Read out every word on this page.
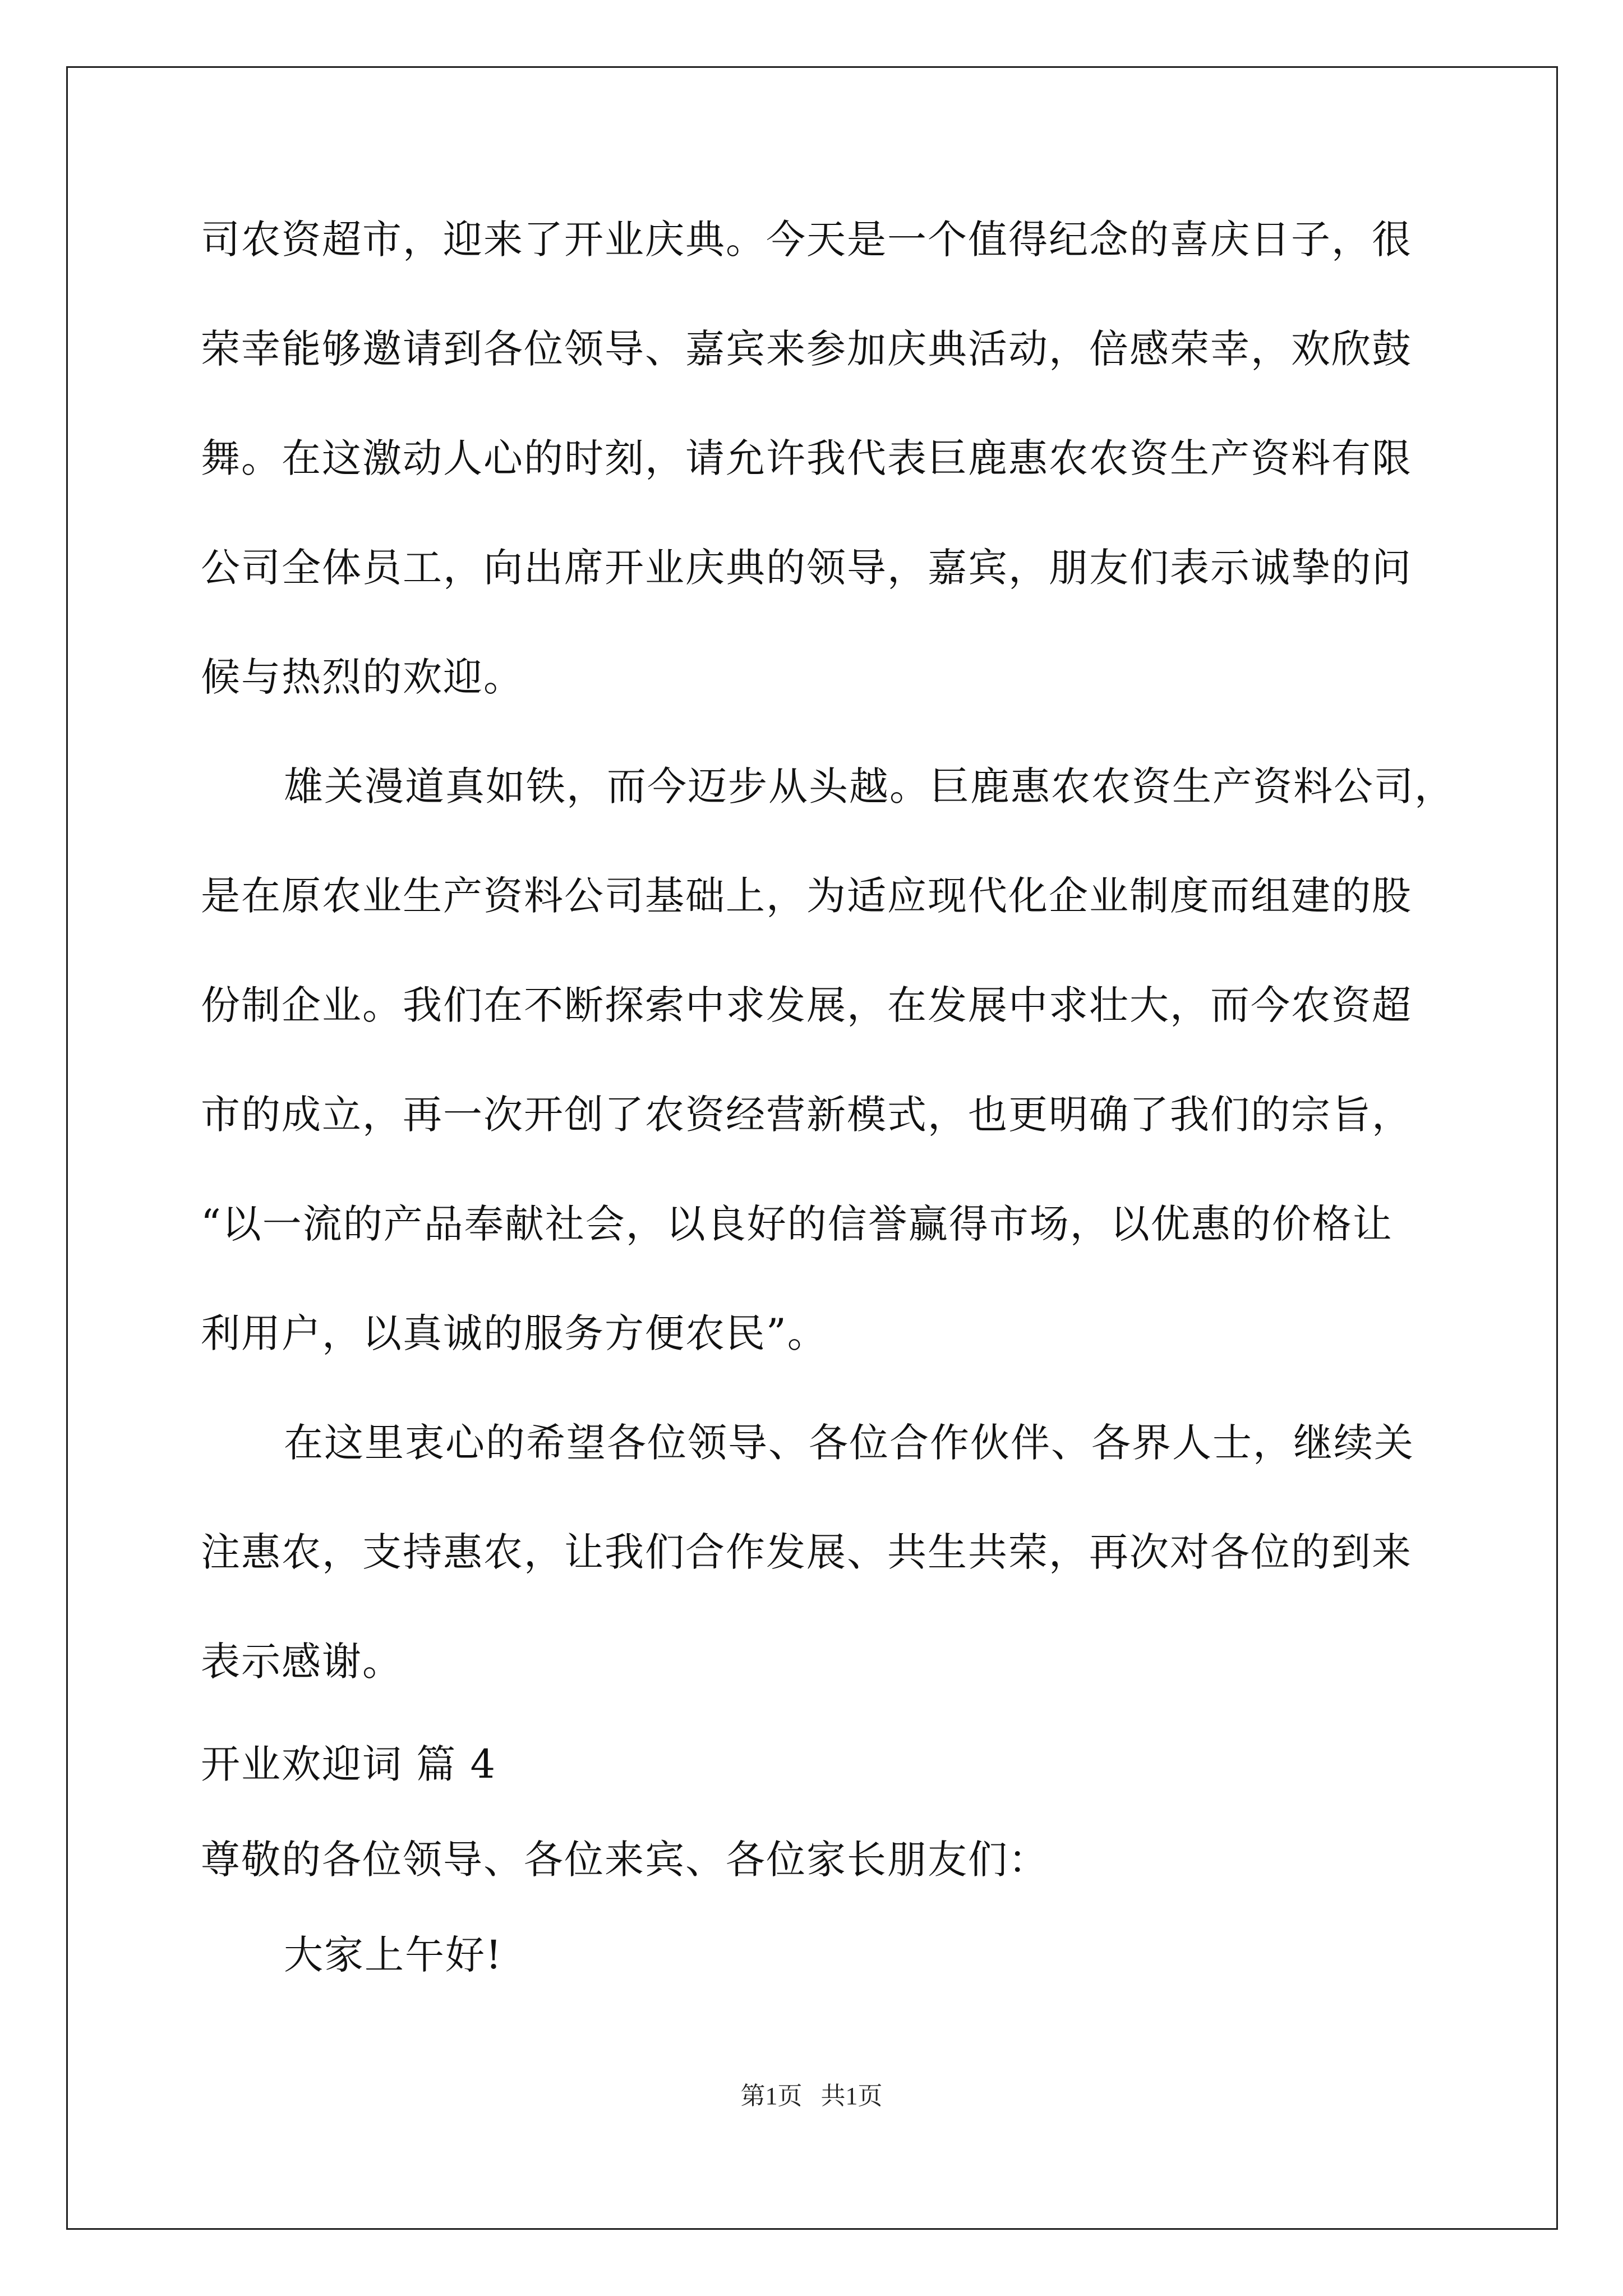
司农资超市，迎来了开业庆典。今天是一个值得纪念的喜庆日子，很
荣幸能够邀请到各位领导、嘉宾来参加庆典活动，倍感荣幸，欢欣鼓
舞。在这激动人心的时刻，请允许我代表巨鹿惠农农资生产资料有限
公司全体员工，向出席开业庆典的领导，嘉宾，朋友们表示诚挚的问
候与热烈的欢迎。
雄关漫道真如铁，而今迈步从头越。巨鹿惠农农资生产资料公司，
是在原农业生产资料公司基础上，为适应现代化企业制度而组建的股
份制企业。我们在不断探索中求发展，在发展中求壮大，而今农资超
市的成立，再一次开创了农资经营新模式，也更明确了我们的宗旨，
“以一流的产品奉献社会，以良好的信誉赢得市场，以优惠的价格让
利用户，以真诚的服务方便农民”。
在这里衷心的希望各位领导、各位合作伙伴、各界人士，继续关
注惠农，支持惠农，让我们合作发展、共生共荣，再次对各位的到来
表示感谢。
开业欢迎词 篇 4
尊敬的各位领导、各位来宾、各位家长朋友们：
大家上午好!
第1页   共1页
